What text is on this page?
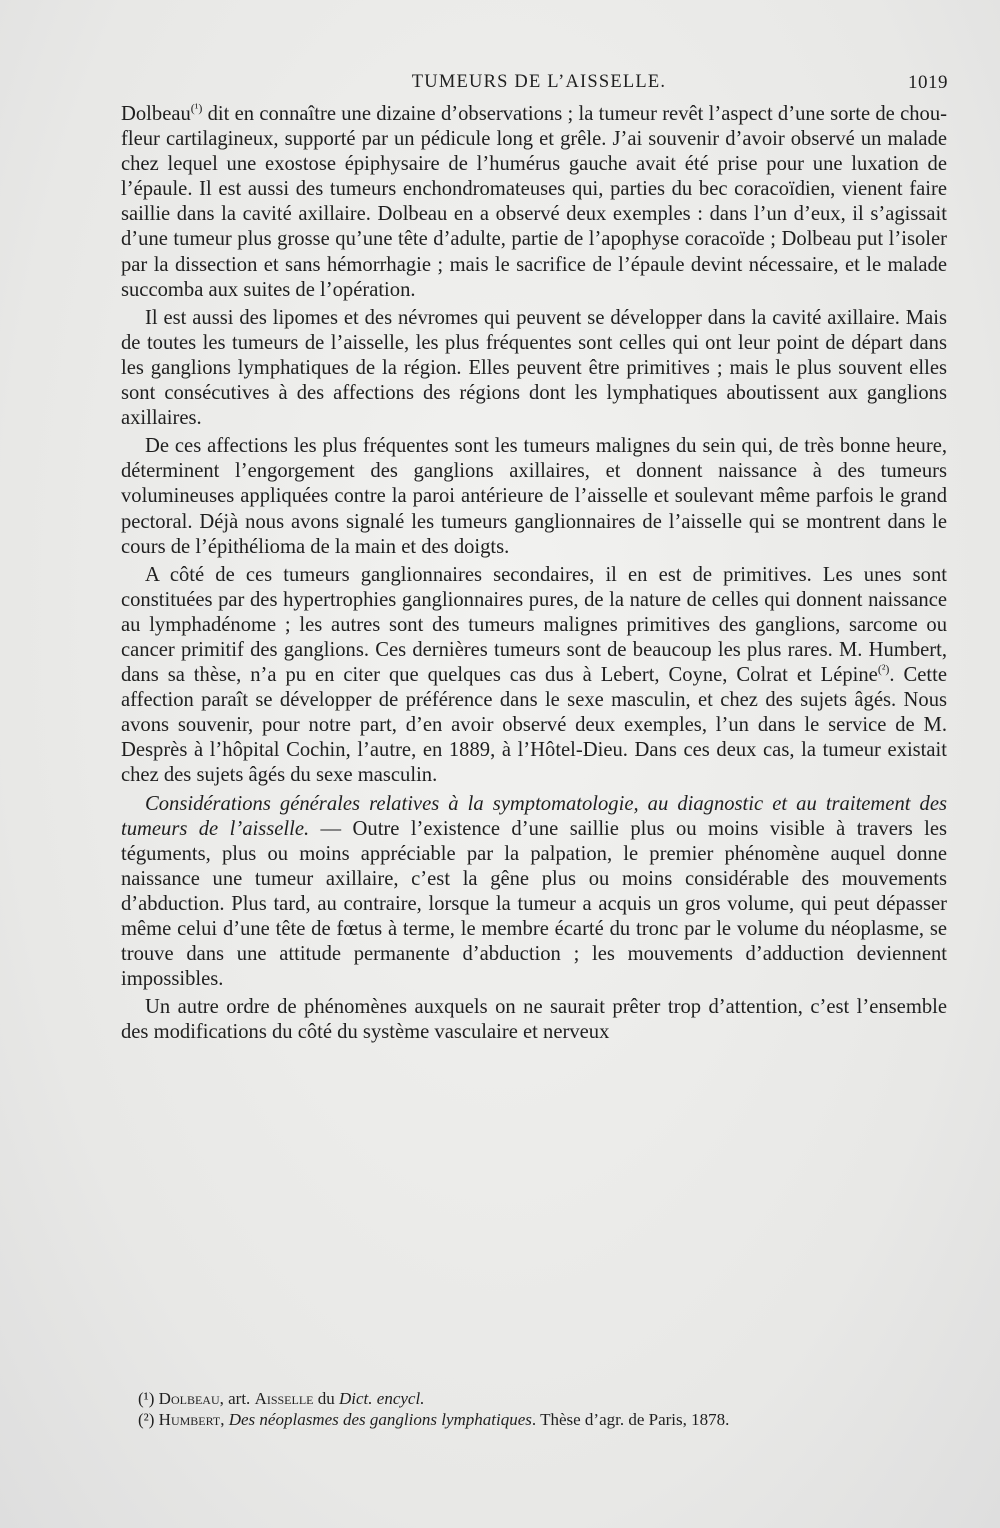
TUMEURS DE L’AISSELLE.	1019

Dolbeau$^{(^1)}$ dit en connaître une dizaine d’observations ; la tumeur revêt l’aspect d’une sorte de chou-fleur cartilagineux, supporté par un pédicule long et grêle. J’ai souvenir d’avoir observé un malade chez lequel une exostose épiphysaire de l’humérus gauche avait été prise pour une luxation de l’épaule. Il est aussi des tumeurs enchondromateuses qui, parties du bec coracoïdien, vienent faire saillie dans la cavité axillaire. Dolbeau en a observé deux exemples : dans l’un d’eux, il s’agissait d’une tumeur plus grosse qu’une tête d’adulte, partie de l’apophyse coracoïde ; Dolbeau put l’isoler par la dissection et sans hémorrhagie ; mais le sacrifice de l’épaule devint nécessaire, et le malade succomba aux suites de l’opération.

Il est aussi des lipomes et des névromes qui peuvent se développer dans la cavité axillaire. Mais de toutes les tumeurs de l’aisselle, les plus fréquentes sont celles qui ont leur point de départ dans les ganglions lymphatiques de la région. Elles peuvent être primitives ; mais le plus souvent elles sont consécutives à des affections des régions dont les lymphatiques aboutissent aux ganglions axillaires.

De ces affections les plus fréquentes sont les tumeurs malignes du sein qui, de très bonne heure, déterminent l’engorgement des ganglions axillaires, et donnent naissance à des tumeurs volumineuses appliquées contre la paroi antérieure de l’aisselle et soulevant même parfois le grand pectoral. Déjà nous avons signalé les tumeurs ganglionnaires de l’aisselle qui se montrent dans le cours de l’épithélioma de la main et des doigts.

A côté de ces tumeurs ganglionnaires secondaires, il en est de primitives. Les unes sont constituées par des hypertrophies ganglionnaires pures, de la nature de celles qui donnent naissance au lymphadénome ; les autres sont des tumeurs malignes primitives des ganglions, sarcome ou cancer primitif des ganglions. Ces dernières tumeurs sont de beaucoup les plus rares. M. Humbert, dans sa thèse, n’a pu en citer que quelques cas dus à Lebert, Coyne, Colrat et Lépine$^{(^2)}$. Cette affection paraît se développer de préférence dans le sexe masculin, et chez des sujets âgés. Nous avons souvenir, pour notre part, d’en avoir observé deux exemples, l’un dans le service de M. Desprès à l’hôpital Cochin, l’autre, en 1889, à l’Hôtel-Dieu. Dans ces deux cas, la tumeur existait chez des sujets âgés du sexe masculin.

Considérations générales relatives à la symptomatologie, au diagnostic et au traitement des tumeurs de l’aisselle. — Outre l’existence d’une saillie plus ou moins visible à travers les téguments, plus ou moins appréciable par la palpation, le premier phénomène auquel donne naissance une tumeur axillaire, c’est la gêne plus ou moins considérable des mouvements d’abduction. Plus tard, au contraire, lorsque la tumeur a acquis un gros volume, qui peut dépasser même celui d’une tête de fœtus à terme, le membre écarté du tronc par le volume du néoplasme, se trouve dans une attitude permanente d’abduction ; les mouvements d’adduction deviennent impossibles.

Un autre ordre de phénomènes auxquels on ne saurait prêter trop d’attention, c’est l’ensemble des modifications du côté du système vasculaire et nerveux

(¹) Dolbeau, art. Aisselle du Dict. encycl.
(²) Humbert, Des néoplasmes des ganglions lymphatiques. Thèse d’agr. de Paris, 1878.
